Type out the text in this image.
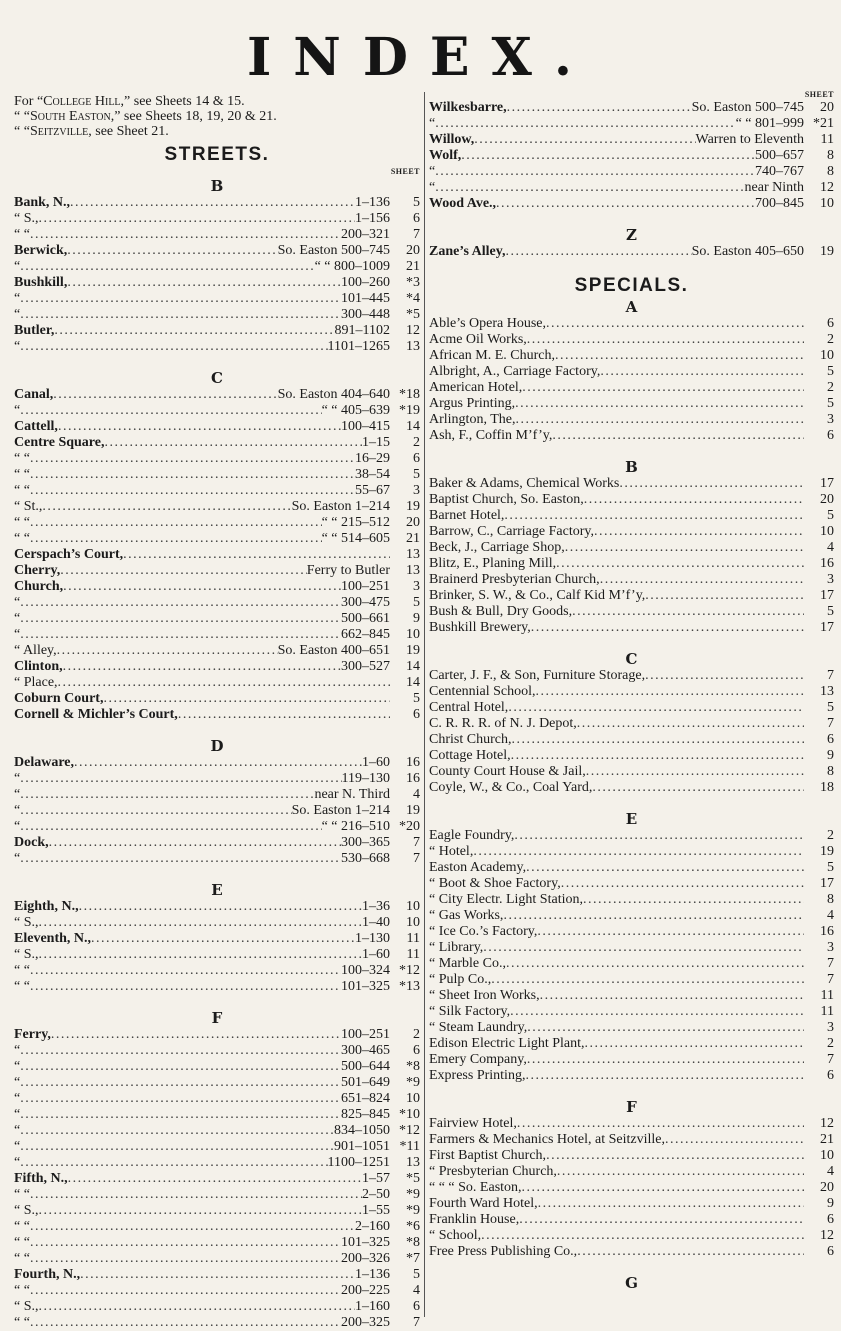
INDEX.
For “College Hill,” see Sheets 14 & 15.
“ “South Easton,” see Sheets 18, 19, 20 & 21.
“ “Seitzville, see Sheet 21.
STREETS.
SHEET
B
Bank, N., . . .	1–136	5
“ S., . . .	1–156	6
“ “ . . .	200–321	7
Berwick, . . .	So. Easton 500–745	20
“ . . .	“ “ 800–1009	21
Bushkill, . . .	100–260	*3
“ . . .	101–445	*4
“ . . .	300–448	*5
Butler, . . .	891–1102	12
“ . . .	1101–1265	13
C
Canal, . . .	So. Easton 404–640 *18
“ . . .	“ “ 405–639 *19
Cattell, . . .	100–415	14
Centre Square, . . .	1–15	2
“ “ . . .	16–29	6
“ “ . . .	38–54	5
“ “ . . .	55–67	3
“ St., . . .	So. Easton 1–214	19
“ “ . . .	“ “ 215–512	20
“ “ . . .	“ “ 514–605	21
Cerspach’s Court, . . .	13
Cherry, . . .	Ferry to Butler	13
Church, . . .	100–251	3
“ . . .	300–475	5
“ . . .	500–661	9
“ . . .	662–845	10
“ Alley, . . .	So. Easton 400–651	19
Clinton, . . .	300–527	14
“ Place, . . .	14
Coburn Court, . . .	5
Cornell & Michler’s Court, . . .	6
D
Delaware, . . .	1–60	16
“ . . .	119–130	16
“ . . .	near N. Third	4
“ . . .	So. Easton 1–214	19
“ . . .	“ “ 216–510 *20
Dock, . . .	300–365	7
“ . . .	530–668	7
E
Eighth, N., . . .	1–36	10
“ S., . . .	1–40	10
Eleventh, N., . . .	1–130	11
“ S., . . .	1–60	11
“ “ . . .	100–324 *12
“ “ . . .	101–325 *13
F
Ferry, . . .	100–251	2
“ . . .	300–465	6
“ . . .	500–644	*8
“ . . .	501–649	*9
“ . . .	651–824	10
“ . . .	825–845 *10
“ . . .	834–1050 *12
“ . . .	901–1051 *11
“ . . .	1100–1251	13
Fifth, N., . . .	1–57	*5
“ “ . . .	2–50	*9
“ S., . . .	1–55	*9
“ “ . . .	2–160	*6
“ “ . . .	101–325	*8
“ “ . . .	200–326	*7
Fourth, N., . . .	1–136	5
“ “ . . .	200–225	4
“ S., . . .	1–160	6
“ “ . . .	200–325	7
SHEET
Wilkesbarre, . . .	So. Easton 500–745	20
“ . . .	“ “ 801–999 *21
Willow, . . .	Warren to Eleventh	11
Wolf, . . .	500–657	8
“ . . .	740–767	8
“ . . .	near Ninth	12
Wood Ave., . . .	700–845	10
Z
Zane’s Alley, . . .	So. Easton 405–650	19
SPECIALS.
A
Able’s Opera House, . . .	6
Acme Oil Works, . . .	2
African M. E. Church, . . .	10
Albright, A., Carriage Factory, . . .	5
American Hotel, . . .	2
Argus Printing, . . .	5
Arlington, The, . . .	3
Ash, F., Coffin M’f’y, . . .	6
B
Baker & Adams, Chemical Works . . .	17
Baptist Church, So. Easton, . . .	20
Barnet Hotel, . . .	5
Barrow, C., Carriage Factory, . . .	10
Beck, J., Carriage Shop, . . .	4
Blitz, E., Planing Mill, . . .	16
Brainerd Presbyterian Church, . . .	3
Brinker, S. W., & Co., Calf Kid M’f’y, . . .	17
Bush & Bull, Dry Goods, . . .	5
Bushkill Brewery, . . .	17
C
Carter, J. F., & Son, Furniture Storage, . . .	7
Centennial School, . . .	13
Central Hotel, . . .	5
C. R. R. R. of N. J. Depot, . . .	7
Christ Church, . . .	6
Cottage Hotel, . . .	9
County Court House & Jail, . . .	8
Coyle, W., & Co., Coal Yard, . . .	18
E
Eagle Foundry, . . .	2
“ Hotel, . . .	19
Easton Academy, . . .	5
“ Boot & Shoe Factory, . . .	17
“ City Electr. Light Station, . . .	8
“ Gas Works, . . .	4
“ Ice Co.’s Factory, . . .	16
“ Library, . . .	3
“ Marble Co., . . .	7
“ Pulp Co., . . .	7
“ Sheet Iron Works, . . .	11
“ Silk Factory, . . .	11
“ Steam Laundry, . . .	3
Edison Electric Light Plant, . . .	2
Emery Company, . . .	7
Express Printing, . . .	6
F
Fairview Hotel, . . .	12
Farmers & Mechanics Hotel, at Seitzville, . . .	21
First Baptist Church, . . .	10
“ Presbyterian Church, . . .	4
“ “ “ So. Easton, . . .	20
Fourth Ward Hotel, . . .	9
Franklin House, . . .	6
“ School, . . .	12
Free Press Publishing Co., . . .	6
G
